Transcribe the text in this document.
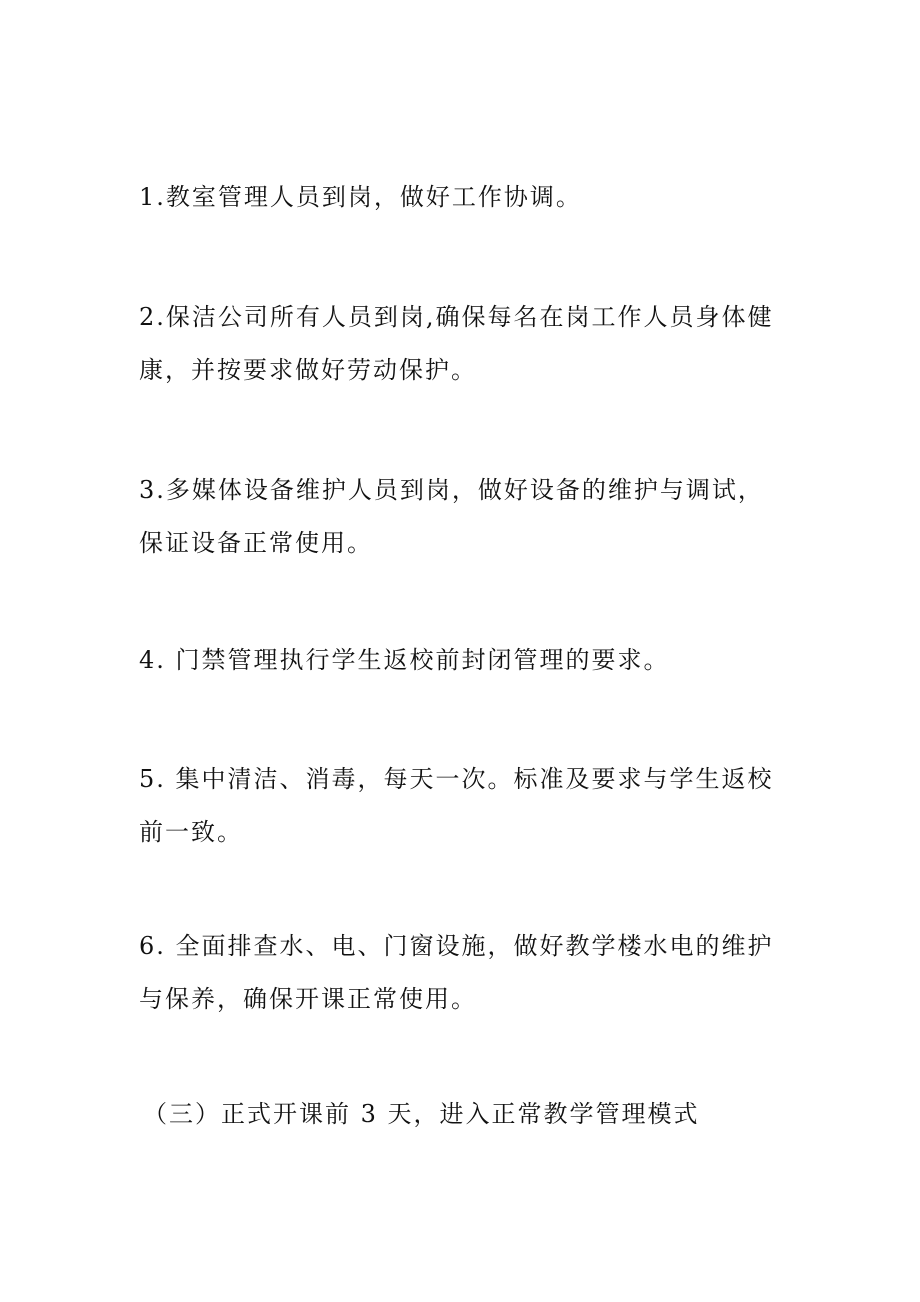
1.教室管理人员到岗，做好工作协调。

2.保洁公司所有人员到岗,确保每名在岗工作人员身体健康，并按要求做好劳动保护。

3.多媒体设备维护人员到岗，做好设备的维护与调试，保证设备正常使用。

4. 门禁管理执行学生返校前封闭管理的要求。

5. 集中清洁、消毒，每天一次。标准及要求与学生返校前一致。

6. 全面排查水、电、门窗设施，做好教学楼水电的维护与保养，确保开课正常使用。

（三）正式开课前 3 天，进入正常教学管理模式
